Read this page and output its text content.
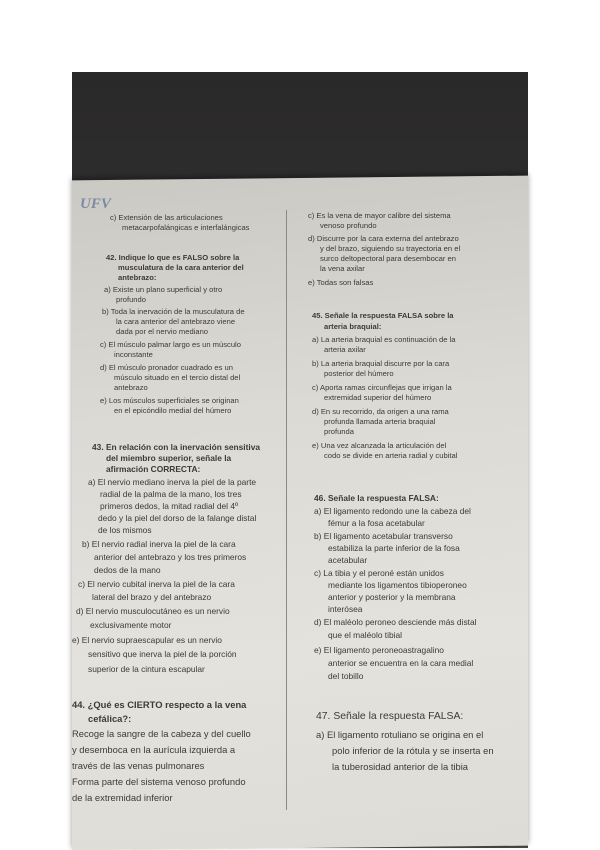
UFV
c) Extensión de las articulaciones
metacarpofalángicas e interfalángicas
42. Indique lo que es FALSO sobre la
musculatura de la cara anterior del
antebrazo:
a) Existe un plano superficial y otro
profundo
b) Toda la inervación de la musculatura de
la cara anterior del antebrazo viene
dada por el nervio mediano
c) El músculo palmar largo es un músculo
inconstante
d) El músculo pronador cuadrado es un
músculo situado en el tercio distal del
antebrazo
e) Los músculos superficiales se originan
en el epicóndilo medial del húmero
43. En relación con la inervación sensitiva
del miembro superior, señale la
afirmación CORRECTA:
a) El nervio mediano inerva la piel de la parte
radial de la palma de la mano, los tres
primeros dedos, la mitad radial del 4º
dedo y la piel del dorso de la falange distal
de los mismos
b) El nervio radial inerva la piel de la cara
anterior del antebrazo y los tres primeros
dedos de la mano
c) El nervio cubital inerva la piel de la cara
lateral del brazo y del antebrazo
d) El nervio musculocutáneo es un nervio
exclusivamente motor
e) El nervio supraescapular es un nervio
sensitivo que inerva la piel de la porción
superior de la cintura escapular
44. ¿Qué es CIERTO respecto a la vena
cefálica?:
Recoge la sangre de la cabeza y del cuello
y desemboca en la aurícula izquierda a
través de las venas pulmonares
Forma parte del sistema venoso profundo
de la extremidad inferior
c) Es la vena de mayor calibre del sistema
venoso profundo
d) Discurre por la cara externa del antebrazo
y del brazo, siguiendo su trayectoria en el
surco deltopectoral para desembocar en
la vena axilar
e) Todas son falsas
45. Señale la respuesta FALSA sobre la
arteria braquial:
a) La arteria braquial es continuación de la
arteria axilar
b) La arteria braquial discurre por la cara
posterior del húmero
c) Aporta ramas circunflejas que irrigan la
extremidad superior del húmero
d) En su recorrido, da origen a una rama
profunda llamada arteria braquial
profunda
e) Una vez alcanzada la articulación del
codo se divide en arteria radial y cubital
46. Señale la respuesta FALSA:
a) El ligamento redondo une la cabeza del
fémur a la fosa acetabular
b) El ligamento acetabular transverso
estabiliza la parte inferior de la fosa
acetabular
c) La tibia y el peroné están unidos
mediante los ligamentos tibioperoneo
anterior y posterior y la membrana
interósea
d) El maléolo peroneo desciende más distal
que el maléolo tibial
e) El ligamento peroneoastragalino
anterior se encuentra en la cara medial
del tobillo
47. Señale la respuesta FALSA:
a) El ligamento rotuliano se origina en el
polo inferior de la rótula y se inserta en
la tuberosidad anterior de la tibia
